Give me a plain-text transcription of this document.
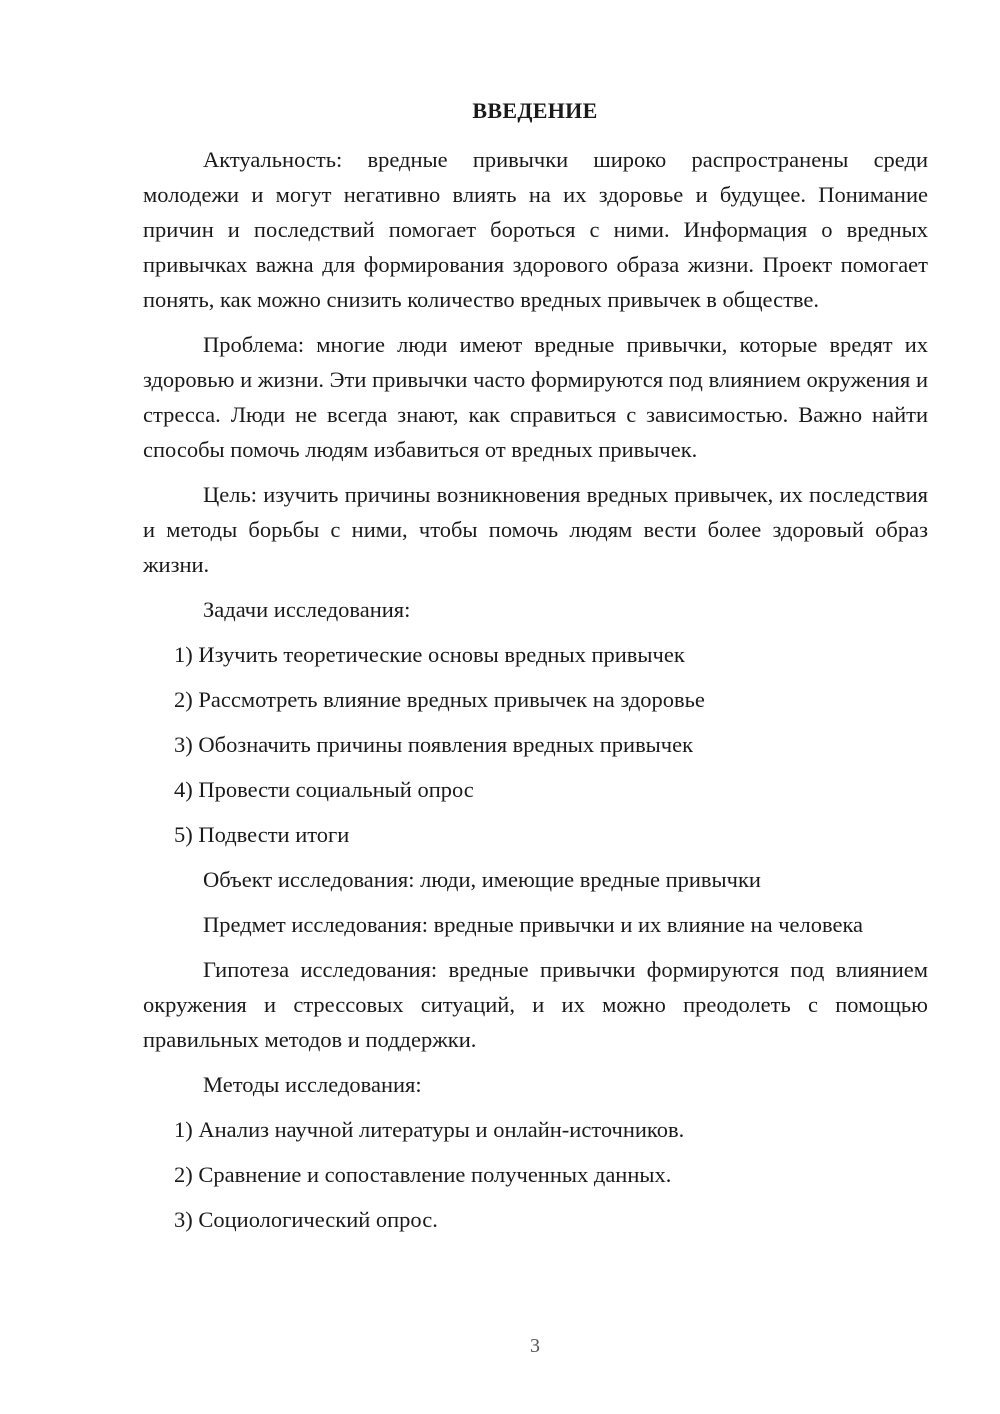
ВВЕДЕНИЕ

Актуальность: вредные привычки широко распространены среди молодежи и могут негативно влиять на их здоровье и будущее. Понимание причин и последствий помогает бороться с ними. Информация о вредных привычках важна для формирования здорового образа жизни. Проект помогает понять, как можно снизить количество вредных привычек в обществе.

Проблема: многие люди имеют вредные привычки, которые вредят их здоровью и жизни. Эти привычки часто формируются под влиянием окружения и стресса. Люди не всегда знают, как справиться с зависимостью. Важно найти способы помочь людям избавиться от вредных привычек.

Цель: изучить причины возникновения вредных привычек, их последствия и методы борьбы с ними, чтобы помочь людям вести более здоровый образ жизни.

Задачи исследования:

1) Изучить теоретические основы вредных привычек
2) Рассмотреть влияние вредных привычек на здоровье
3) Обозначить причины появления вредных привычек
4) Провести социальный опрос
5) Подвести итоги

Объект исследования: люди, имеющие вредные привычки

Предмет исследования: вредные привычки и их влияние на человека

Гипотеза исследования: вредные привычки формируются под влиянием окружения и стрессовых ситуаций, и их можно преодолеть с помощью правильных методов и поддержки.

Методы исследования:

1) Анализ научной литературы и онлайн-источников.
2) Сравнение и сопоставление полученных данных.
3) Социологический опрос.
3
